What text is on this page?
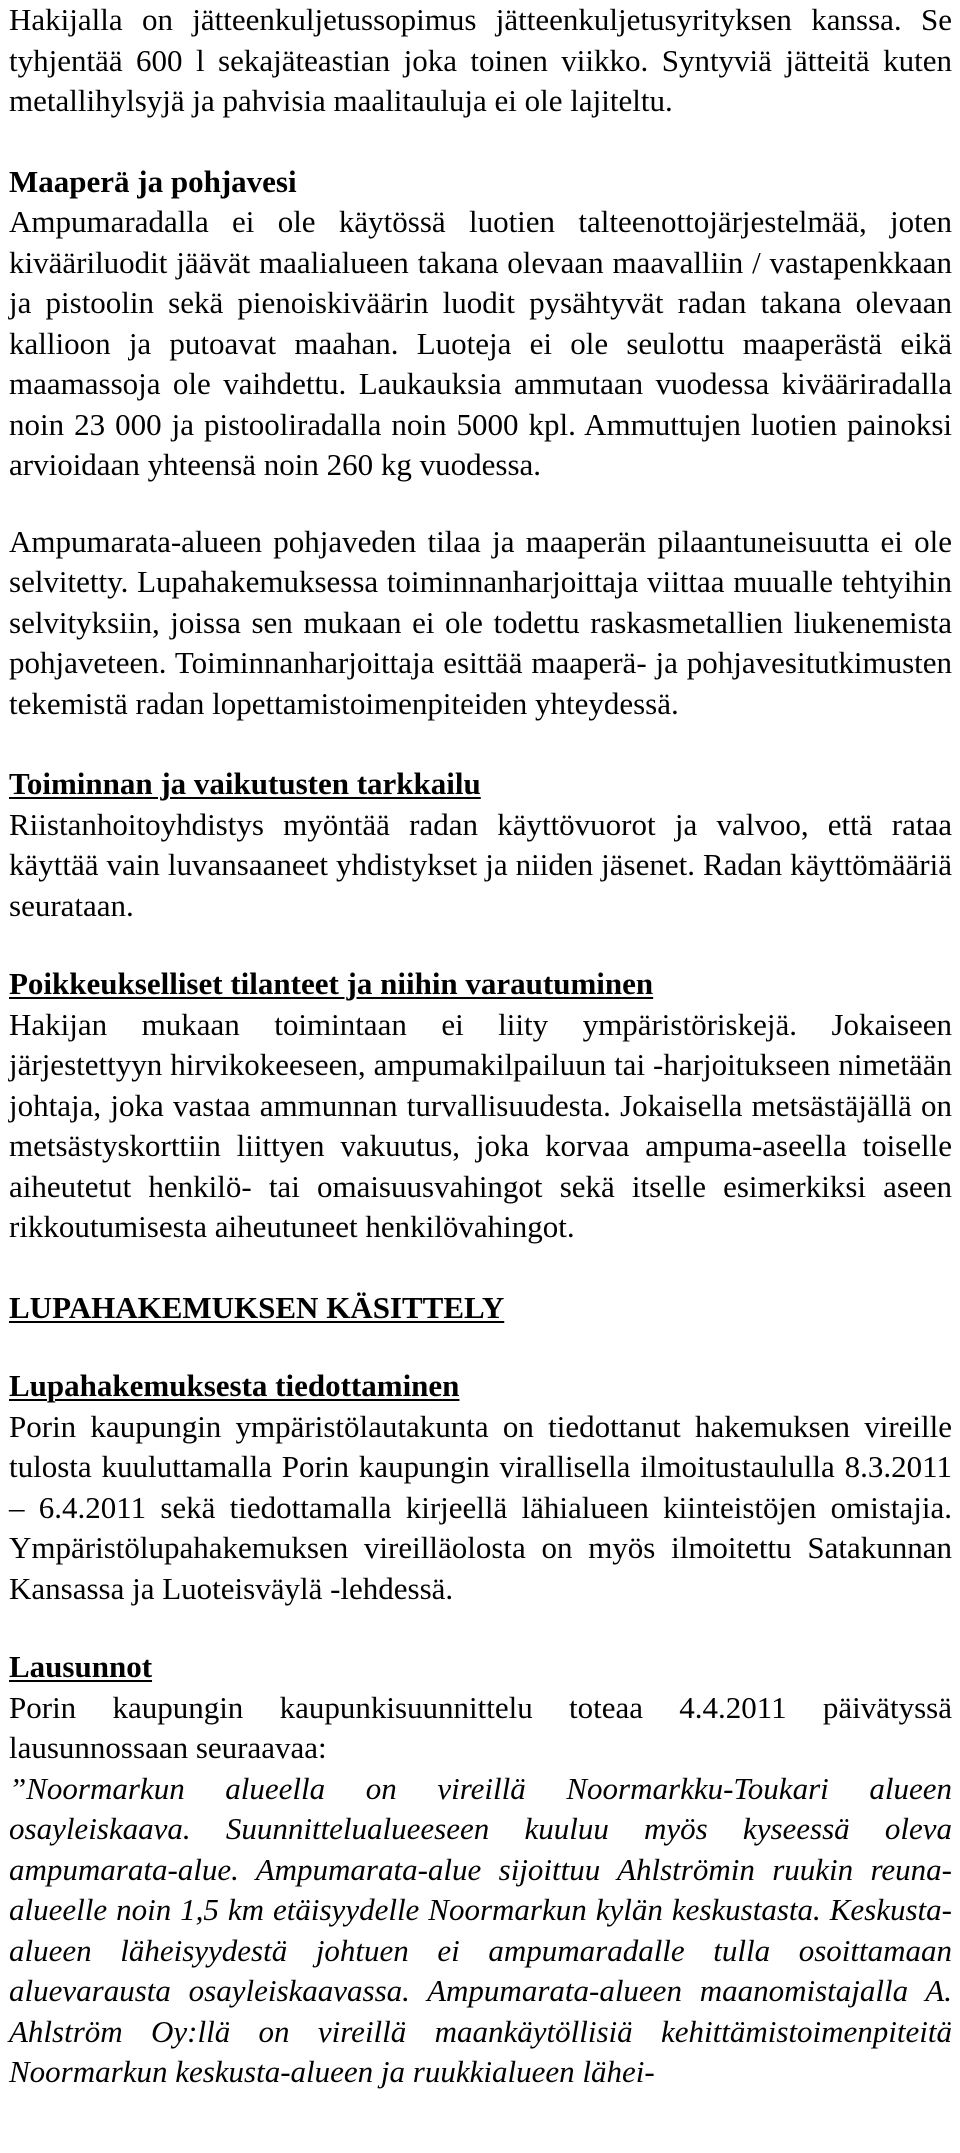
Hakijalla on jätteenkuljetussopimus jätteenkuljetusyrityksen kanssa. Se tyhjentää 600 l sekajäteastian joka toinen viikko. Syntyviä jätteitä kuten metallihylsyjä ja pahvisia maalitauluja ei ole lajiteltu.

Maaperä ja pohjavesi

Ampumaradalla ei ole käytössä luotien talteenottojärjestelmää, joten kivääriluodit jäävät maalialueen takana olevaan maavalliin / vastapenkkaan ja pistoolin sekä pienoiskiväärin luodit pysähtyvät radan takana olevaan kallioon ja putoavat maahan. Luoteja ei ole seulottu maaperästä eikä maamassoja ole vaihdettu. Laukauksia ammutaan vuodessa kivääriradalla noin 23 000 ja pistooliradalla noin 5000 kpl. Ammuttujen luotien painoksi arvioidaan yhteensä noin 260 kg vuodessa.

Ampumarata-alueen pohjaveden tilaa ja maaperän pilaantuneisuutta ei ole selvitetty. Lupahakemuksessa toiminnanharjoittaja viittaa muualle tehtyihin selvityksiin, joissa sen mukaan ei ole todettu raskasmetallien liukenemista pohjaveteen. Toiminnanharjoittaja esittää maaperä- ja pohjavesitutkimusten tekemistä radan lopettamistoimenpiteiden yhteydessä.

Toiminnan ja vaikutusten tarkkailu

Riistanhoitoyhdistys myöntää radan käyttövuorot ja valvoo, että rataa käyttää vain luvansaaneet yhdistykset ja niiden jäsenet. Radan käyttömääriä seurataan.

Poikkeukselliset tilanteet ja niihin varautuminen

Hakijan mukaan toimintaan ei liity ympäristöriskejä. Jokaiseen järjestettyyn hirvikokeeseen, ampumakilpailuun tai -harjoitukseen nimetään johtaja, joka vastaa ammunnan turvallisuudesta. Jokaisella metsästäjällä on metsästyskorttiin liittyen vakuutus, joka korvaa ampuma-aseella toiselle aiheutetut henkilö- tai omaisuusvahingot sekä itselle esimerkiksi aseen rikkoutumisesta aiheutuneet henkilövahingot.

LUPAHAKEMUKSEN KÄSITTELY

Lupahakemuksesta tiedottaminen

Porin kaupungin ympäristölautakunta on tiedottanut hakemuksen vireille tulosta kuuluttamalla Porin kaupungin virallisella ilmoitustaululla 8.3.2011 – 6.4.2011 sekä tiedottamalla kirjeellä lähialueen kiinteistöjen omistajia. Ympäristölupahakemuksen vireilläolosta on myös ilmoitettu Satakunnan Kansassa ja Luoteisväylä -lehdessä.

Lausunnot

Porin kaupungin kaupunkisuunnittelu toteaa 4.4.2011 päivätyssä lausunnossaan seuraavaa:

”Noormarkun alueella on vireillä Noormarkku-Toukari alueen osayleiskaava. Suunnittelualueeseen kuuluu myös kyseessä oleva ampumarata-alue. Ampumarata-alue sijoittuu Ahlströmin ruukin reuna-alueelle noin 1,5 km etäisyydelle Noormarkun kylän keskustasta. Keskusta-alueen läheisyydestä johtuen ei ampumaradalle tulla osoittamaan aluevarausta osayleiskaavassa. Ampumarata-alueen maanomistajalla A. Ahlström Oy:llä on vireillä maankäytöllisiä kehittämistoimenpiteitä Noormarkun keskusta-alueen ja ruukkialueen lähei-
